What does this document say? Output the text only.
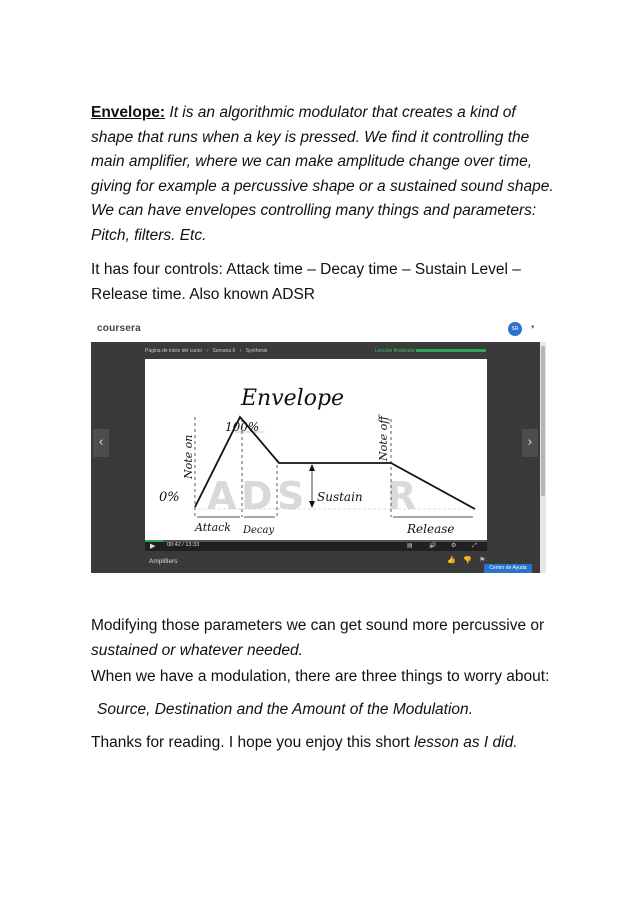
Envelope: It is an algorithmic modulator that creates a kind of shape that runs when a key is pressed. We find it controlling the main amplifier, where we can make amplitude change over time, giving for example a percussive shape or a sustained sound shape. We can have envelopes controlling many things and parameters: Pitch, filters. Etc.
It has four controls: Attack time – Decay time – Sustain Level – Release time. Also known ADSR
coursera	SR	▾
Página de inicio del curso › Semana 6 › Synthesis	Lección finalizada
‹	›
A D S R
Envelope
100%
0%	Sustain
Note on	Note off
Attack Decay	Release
▶ 00:42 / 13:33	▤	🔊 ⚙	⤢
Amplifiers	👍 👎 ⚑
Centro de Ayuda
Modifying those parameters we can get sound more percussive or sustained or whatever needed.
When we have a modulation, there are three things to worry about:
Source, Destination and the Amount of the Modulation.
Thanks for reading. I hope you enjoy this short lesson as I did.
